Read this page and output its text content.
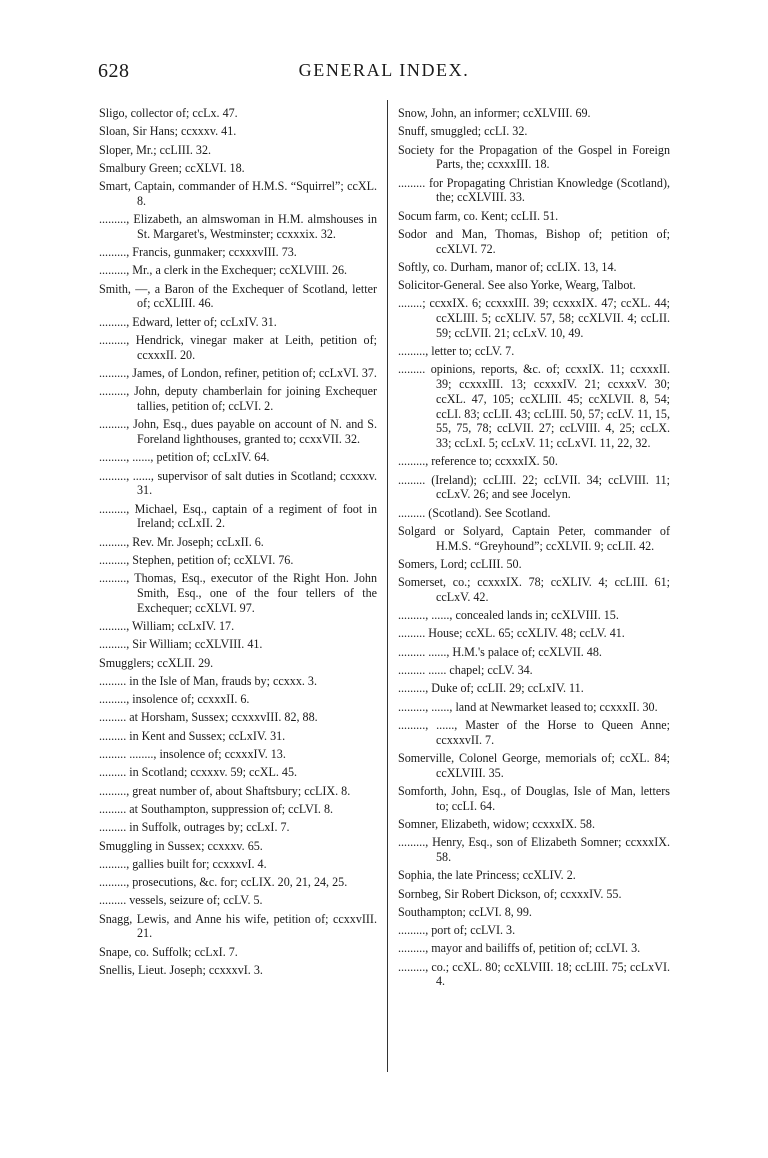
628	GENERAL INDEX.
Sligo, collector of; ccLx. 47.
Sloan, Sir Hans; ccxxxv. 41.
Sloper, Mr.; ccLIII. 32.
Smalbury Green; ccXLVI. 18.
Smart, Captain, commander of H.M.S. “Squirrel”; ccXL. 8.
........., Elizabeth, an almswoman in H.M. almshouses in St. Margaret's, Westminster; ccxxxix. 32.
........., Francis, gunmaker; ccxxxvIII. 73.
........., Mr., a clerk in the Exchequer; ccXLVIII. 26.
Smith, —, a Baron of the Exchequer of Scotland, letter of; ccXLIII. 46.
........., Edward, letter of; ccLxIV. 31.
........., Hendrick, vinegar maker at Leith, petition of; ccxxxII. 20.
........., James, of London, refiner, petition of; ccLxVI. 37.
........., John, deputy chamberlain for joining Exchequer tallies, petition of; ccLVI. 2.
........., John, Esq., dues payable on account of N. and S. Foreland lighthouses, granted to; ccxxVII. 32.
........., ......, petition of; ccLxIV. 64.
........., ......, supervisor of salt duties in Scotland; ccxxxv. 31.
........., Michael, Esq., captain of a regiment of foot in Ireland; ccLxII. 2.
........., Rev. Mr. Joseph; ccLxII. 6.
........., Stephen, petition of; ccXLVI. 76.
........., Thomas, Esq., executor of the Right Hon. John Smith, Esq., one of the four tellers of the Exchequer; ccXLVI. 97.
........., William; ccLxIV. 17.
........., Sir William; ccXLVIII. 41.
Smugglers; ccXLII. 29.
......... in the Isle of Man, frauds by; ccxxx. 3.
........., insolence of; ccxxxII. 6.
......... at Horsham, Sussex; ccxxxvIII. 82, 88.
......... in Kent and Sussex; ccLxIV. 31.
......... ........, insolence of; ccxxxIV. 13.
......... in Scotland; ccxxxv. 59; ccXL. 45.
........., great number of, about Shaftsbury; ccLIX. 8.
......... at Southampton, suppression of; ccLVI. 8.
......... in Suffolk, outrages by; ccLxI. 7.
Smuggling in Sussex; ccxxxv. 65.
........., gallies built for; ccxxxvI. 4.
........., prosecutions, &c. for; ccLIX. 20, 21, 24, 25.
......... vessels, seizure of; ccLV. 5.
Snagg, Lewis, and Anne his wife, petition of; ccxxvIII. 21.
Snape, co. Suffolk; ccLxI. 7.
Snellis, Lieut. Joseph; ccxxxvI. 3.
Snow, John, an informer; ccXLVIII. 69.
Snuff, smuggled; ccLI. 32.
Society for the Propagation of the Gospel in Foreign Parts, the; ccxxxIII. 18.
......... for Propagating Christian Knowledge (Scotland), the; ccXLVIII. 33.
Socum farm, co. Kent; ccLII. 51.
Sodor and Man, Thomas, Bishop of; petition of; ccXLVI. 72.
Softly, co. Durham, manor of; ccLIX. 13, 14.
Solicitor-General. See also Yorke, Wearg, Talbot.
........; ccxxIX. 6; ccxxxIII. 39; ccxxxIX. 47; ccXL. 44; ccXLIII. 5; ccXLIV. 57, 58; ccXLVII. 4; ccLII. 59; ccLVII. 21; ccLxV. 10, 49.
........., letter to; ccLV. 7.
......... opinions, reports, &c. of; ccxxIX. 11; ccxxxII. 39; ccxxxIII. 13; ccxxxIV. 21; ccxxxV. 30; ccXL. 47, 105; ccXLIII. 45; ccXLVII. 8, 54; ccLI. 83; ccLII. 43; ccLIII. 50, 57; ccLV. 11, 15, 55, 75, 78; ccLVII. 27; ccLVIII. 4, 25; ccLX. 33; ccLxI. 5; ccLxV. 11; ccLxVI. 11, 22, 32.
........., reference to; ccxxxIX. 50.
......... (Ireland); ccLIII. 22; ccLVII. 34; ccLVIII. 11; ccLxV. 26; and see Jocelyn.
......... (Scotland). See Scotland.
Solgard or Solyard, Captain Peter, commander of H.M.S. “Greyhound”; ccXLVII. 9; ccLII. 42.
Somers, Lord; ccLIII. 50.
Somerset, co.; ccxxxIX. 78; ccXLIV. 4; ccLIII. 61; ccLxV. 42.
........., ......, concealed lands in; ccXLVIII. 15.
......... House; ccXL. 65; ccXLIV. 48; ccLV. 41.
......... ......, H.M.'s palace of; ccXLVII. 48.
......... ...... chapel; ccLV. 34.
........., Duke of; ccLII. 29; ccLxIV. 11.
........., ......, land at Newmarket leased to; ccxxxII. 30.
........., ......, Master of the Horse to Queen Anne; ccxxxvII. 7.
Somerville, Colonel George, memorials of; ccXL. 84; ccXLVIII. 35.
Somforth, John, Esq., of Douglas, Isle of Man, letters to; ccLI. 64.
Somner, Elizabeth, widow; ccxxxIX. 58.
........., Henry, Esq., son of Elizabeth Somner; ccxxxIX. 58.
Sophia, the late Princess; ccXLIV. 2.
Sornbeg, Sir Robert Dickson, of; ccxxxIV. 55.
Southampton; ccLVI. 8, 99.
........., port of; ccLVI. 3.
........., mayor and bailiffs of, petition of; ccLVI. 3.
........., co.; ccXL. 80; ccXLVIII. 18; ccLIII. 75; ccLxVI. 4.
